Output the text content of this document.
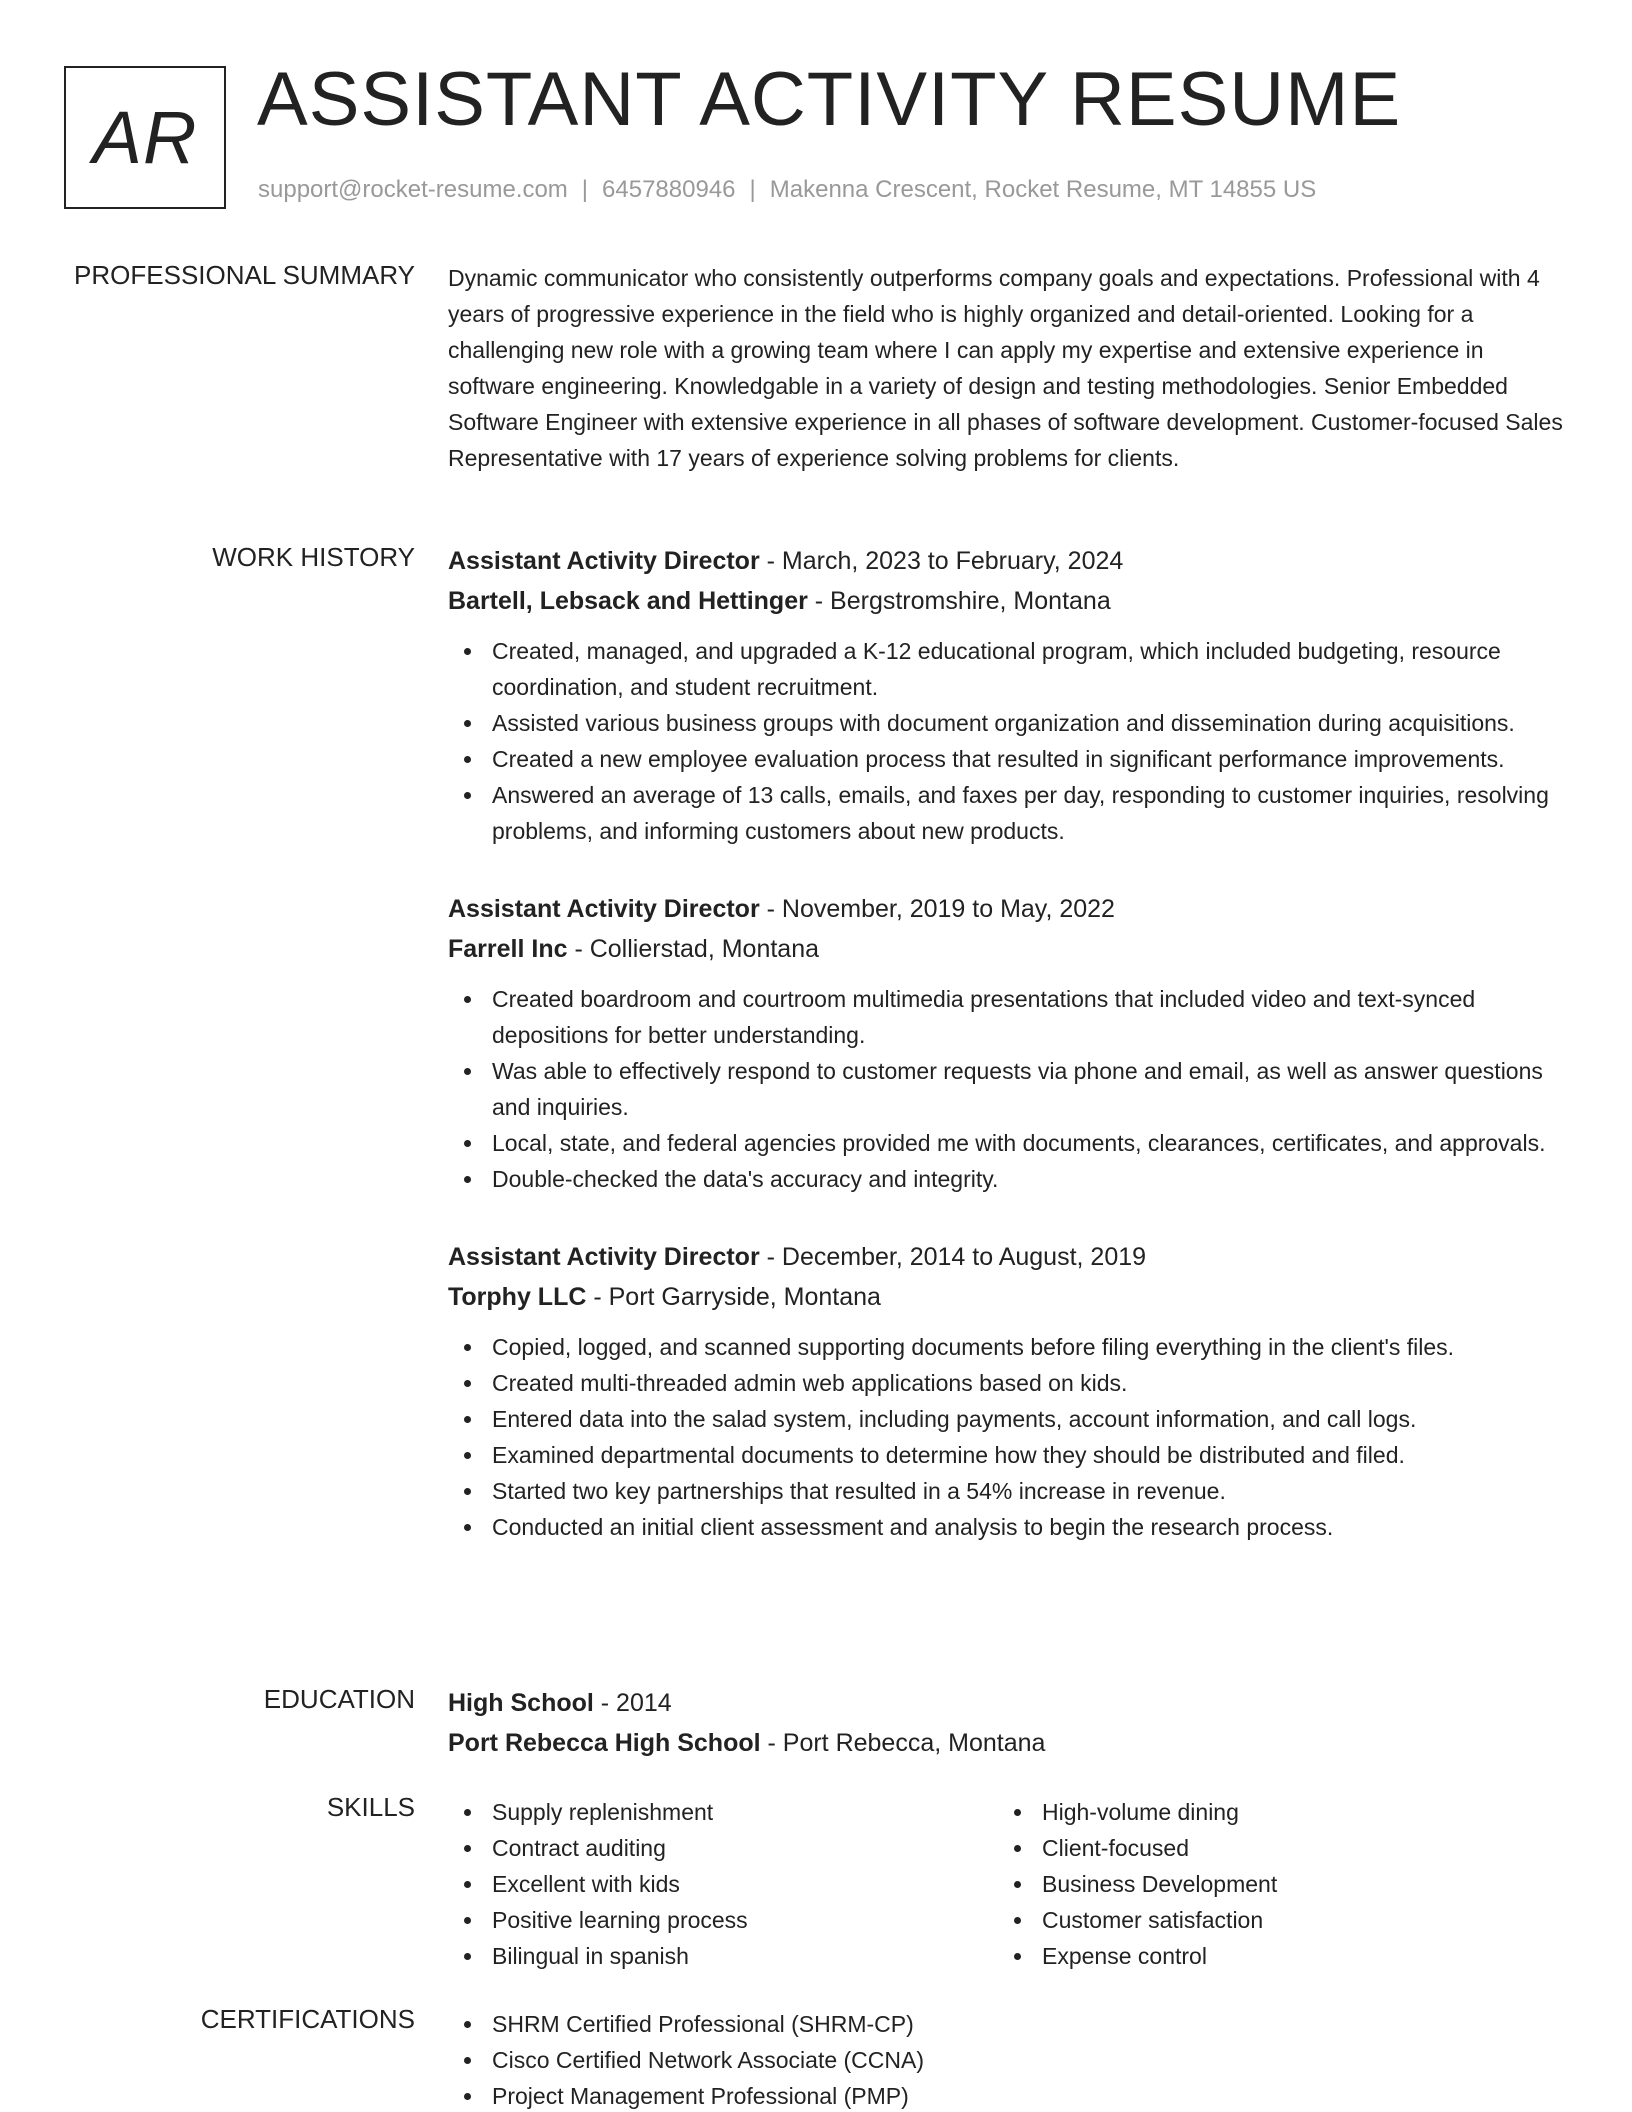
AR ASSISTANT ACTIVITY RESUME
support@rocket-resume.com | 6457880946 | Makenna Crescent, Rocket Resume, MT 14855 US
PROFESSIONAL SUMMARY Dynamic communicator who consistently outperforms company goals and expectations. Professional with 4 years of progressive experience in the field who is highly organized and detail-oriented. Looking for a challenging new role with a growing team where I can apply my expertise and extensive experience in software engineering. Knowledgable in a variety of design and testing methodologies. Senior Embedded Software Engineer with extensive experience in all phases of software development. Customer-focused Sales Representative with 17 years of experience solving problems for clients.

WORK HISTORY Assistant Activity Director - March, 2023 to February, 2024
Bartell, Lebsack and Hettinger - Bergstromshire, Montana
Created, managed, and upgraded a K-12 educational program, which included budgeting, resource coordination, and student recruitment.
Assisted various business groups with document organization and dissemination during acquisitions.
Created a new employee evaluation process that resulted in significant performance improvements.
Answered an average of 13 calls, emails, and faxes per day, responding to customer inquiries, resolving problems, and informing customers about new products.
Assistant Activity Director - November, 2019 to May, 2022
Farrell Inc - Collierstad, Montana
Created boardroom and courtroom multimedia presentations that included video and text-synced depositions for better understanding.
Was able to effectively respond to customer requests via phone and email, as well as answer questions and inquiries.
Local, state, and federal agencies provided me with documents, clearances, certificates, and approvals.
Double-checked the data's accuracy and integrity.
Assistant Activity Director - December, 2014 to August, 2019
Torphy LLC - Port Garryside, Montana
Copied, logged, and scanned supporting documents before filing everything in the client's files.
Created multi-threaded admin web applications based on kids.
Entered data into the salad system, including payments, account information, and call logs.
Examined departmental documents to determine how they should be distributed and filed.
Started two key partnerships that resulted in a 54% increase in revenue.
Conducted an initial client assessment and analysis to begin the research process.
EDUCATION High School - 2014
Port Rebecca High School - Port Rebecca, Montana
SKILLS	Supply replenishment
Contract auditing
Excellent with kids
Positive learning process
Bilingual in spanish
High-volume dining
Client-focused
Business Development
Customer satisfaction
Expense control
CERTIFICATIONS	SHRM Certified Professional (SHRM-CP)
Cisco Certified Network Associate (CCNA)
Project Management Professional (PMP)
